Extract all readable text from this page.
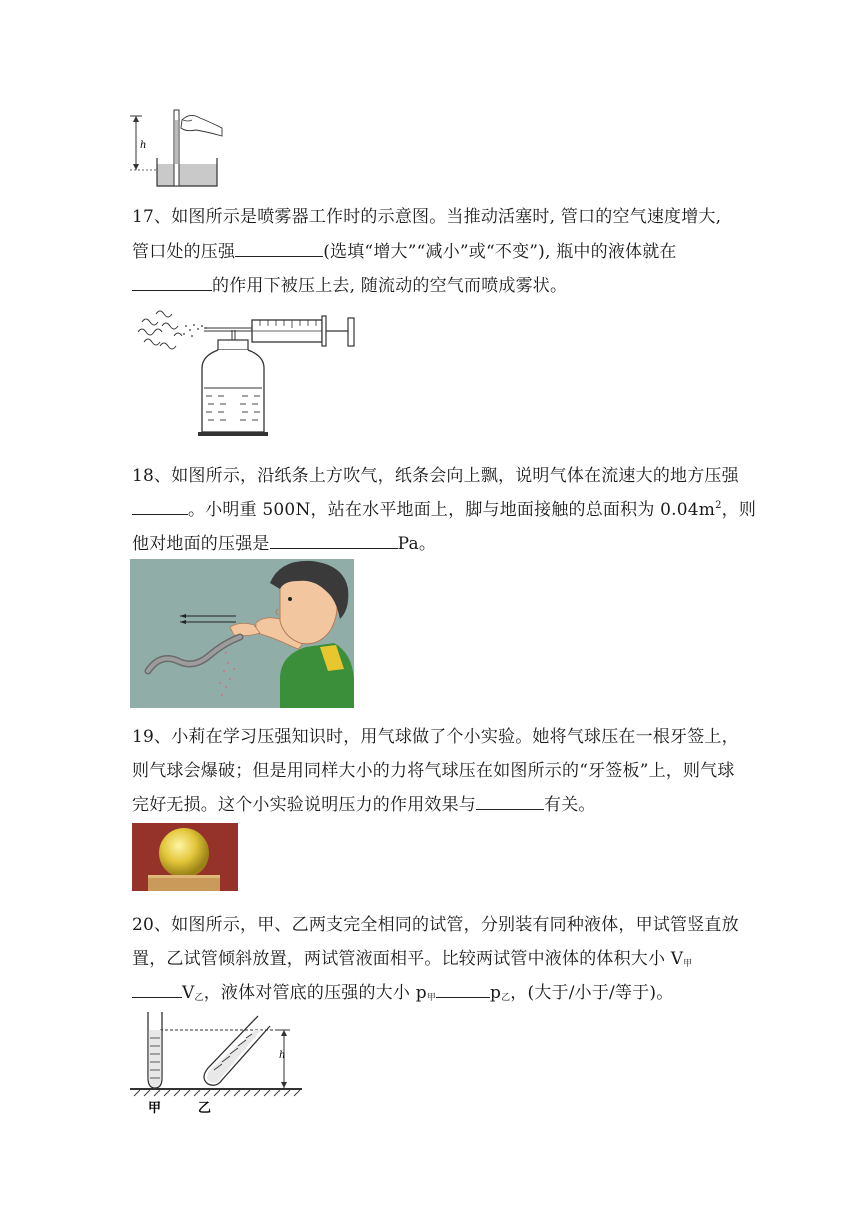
h
17、如图所示是喷雾器工作时的示意图。当推动活塞时, 管口的空气速度增大,
管口处的压强	(选填“增大”“减小”或“不变”), 瓶中的液体就在
的作用下被压上去, 随流动的空气而喷成雾状。
18、如图所示，沿纸条上方吹气，纸条会向上飘，说明气体在流速大的地方压强
。小明重 500N，站在水平地面上，脚与地面接触的总面积为 $0.04m^2$，则
他对地面的压强是	Pa。
19、小莉在学习压强知识时，用气球做了个小实验。她将气球压在一根牙签上，
则气球会爆破；但是用同样大小的力将气球压在如图所示的“牙签板”上，则气球
完好无损。这个小实验说明压力的作用效果与	有关。
20、如图所示，甲、乙两支完全相同的试管，分别装有同种液体，甲试管竖直放
置，乙试管倾斜放置，两试管液面相平。比较两试管中液体的体积大小 $V_甲$
$V_乙$，液体对管底的压强的大小 $p_甲$	$p_乙$，(大于/小于/等于)。
h
甲	乙
